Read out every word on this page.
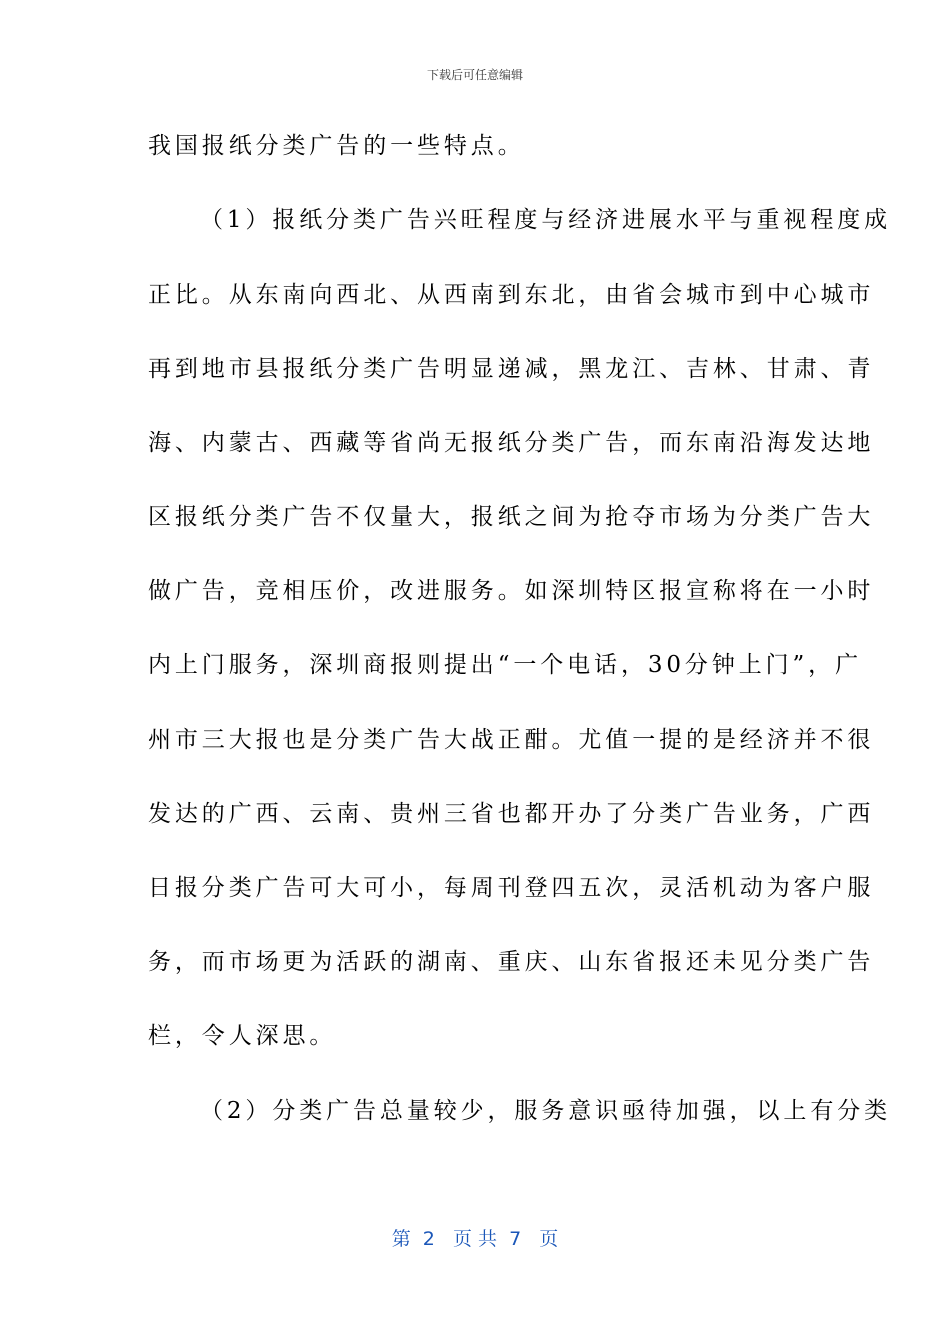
下载后可任意编辑
我国报纸分类广告的一些特点。
（1）报纸分类广告兴旺程度与经济进展水平与重视程度成
正比。从东南向西北、从西南到东北，由省会城市到中心城市
再到地市县报纸分类广告明显递减，黑龙江、吉林、甘肃、青
海、内蒙古、西藏等省尚无报纸分类广告，而东南沿海发达地
区报纸分类广告不仅量大，报纸之间为抢夺市场为分类广告大
做广告，竞相压价，改进服务。如深圳特区报宣称将在一小时
内上门服务，深圳商报则提出“一个电话，30分钟上门”，广
州市三大报也是分类广告大战正酣。尤值一提的是经济并不很
发达的广西、云南、贵州三省也都开办了分类广告业务，广西
日报分类广告可大可小，每周刊登四五次，灵活机动为客户服
务，而市场更为活跃的湖南、重庆、山东省报还未见分类广告
栏，令人深思。
（2）分类广告总量较少，服务意识亟待加强，以上有分类
第  2   页 共  7   页
